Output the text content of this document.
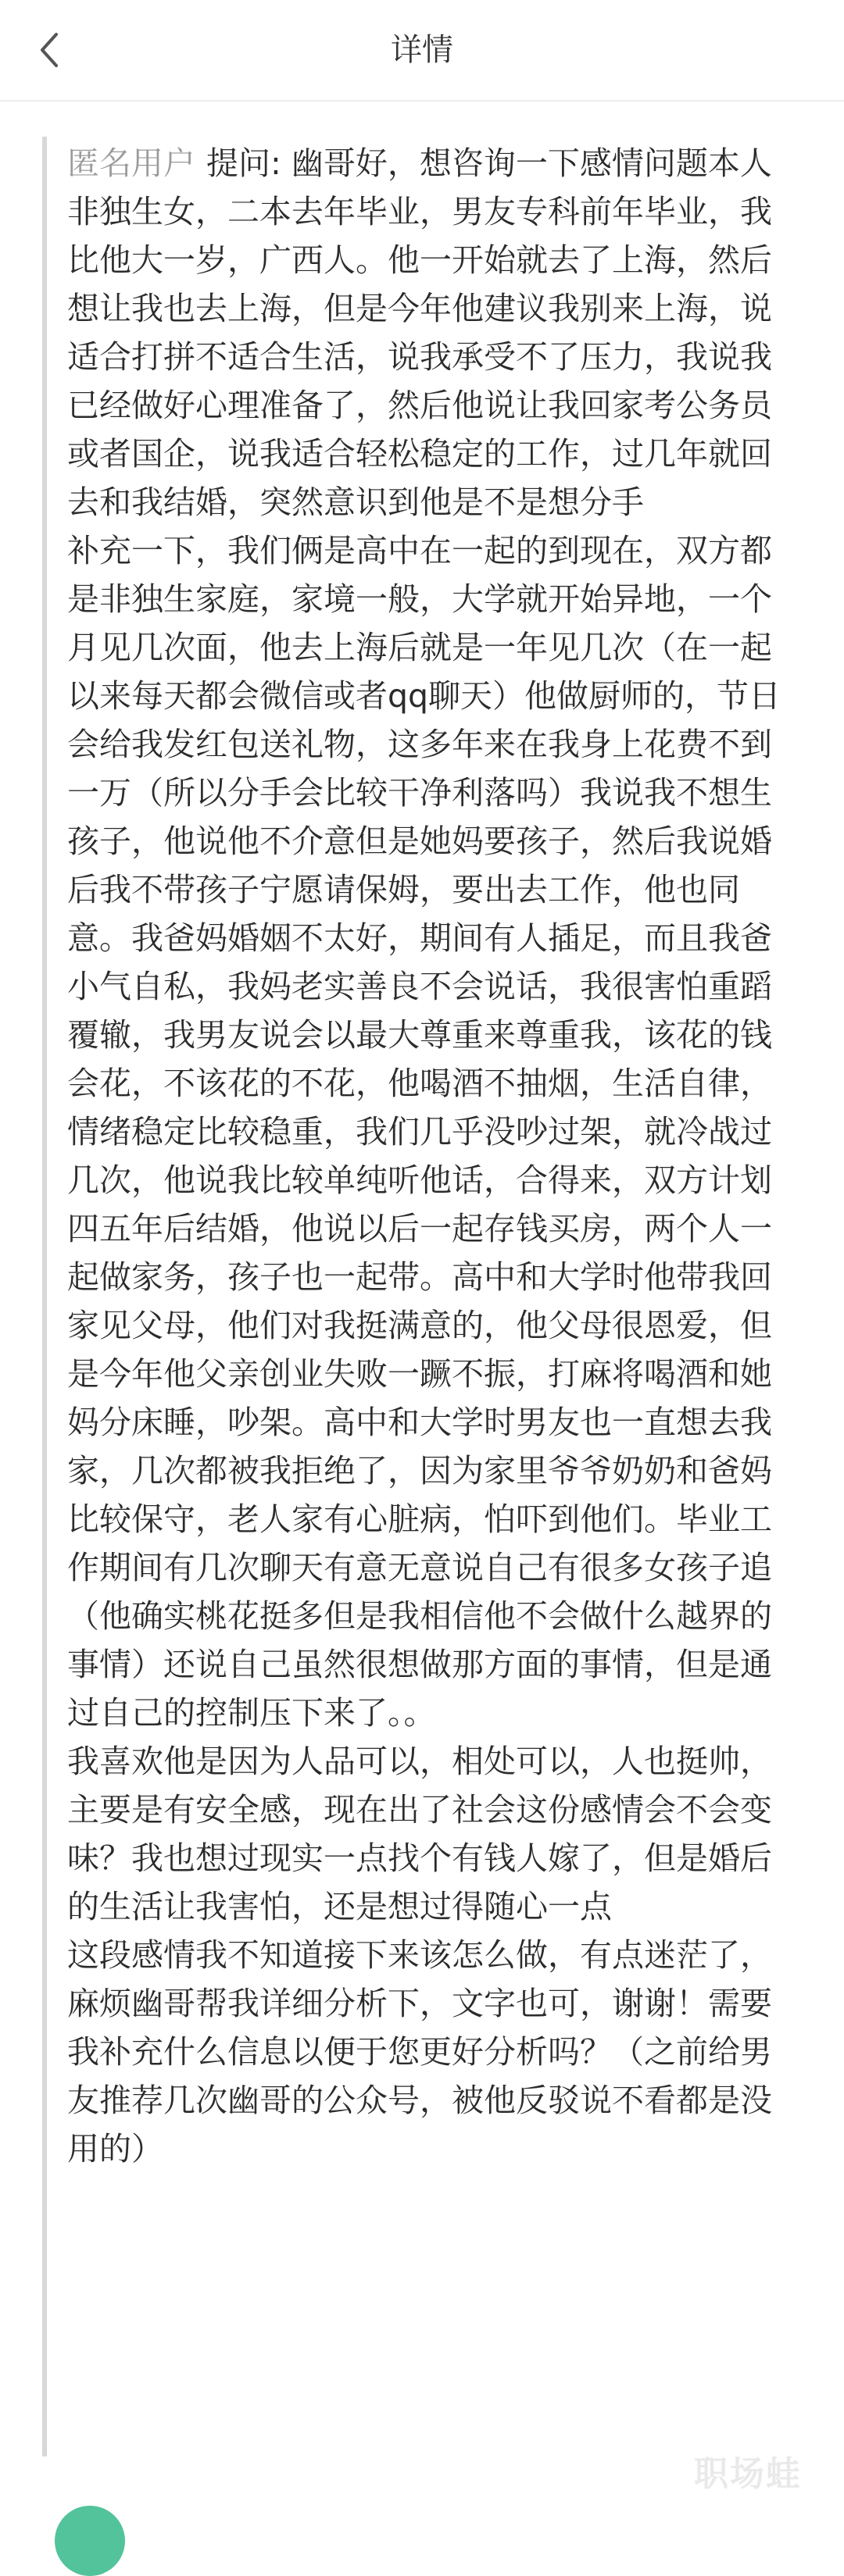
详情

匿名用户 提问: 幽哥好，想咨询一下感情问题本人非独生女，二本去年毕业，男友专科前年毕业，我比他大一岁，广西人。他一开始就去了上海，然后想让我也去上海，但是今年他建议我别来上海，说适合打拼不适合生活，说我承受不了压力，我说我已经做好心理准备了，然后他说让我回家考公务员或者国企，说我适合轻松稳定的工作，过几年就回去和我结婚，突然意识到他是不是想分手

补充一下，我们俩是高中在一起的到现在，双方都是非独生家庭，家境一般，大学就开始异地，一个月见几次面，他去上海后就是一年见几次（在一起以来每天都会微信或者qq聊天）他做厨师的，节日会给我发红包送礼物，这多年来在我身上花费不到一万（所以分手会比较干净利落吗）我说我不想生孩子，他说他不介意但是她妈要孩子，然后我说婚后我不带孩子宁愿请保姆，要出去工作，他也同意。我爸妈婚姻不太好，期间有人插足，而且我爸小气自私，我妈老实善良不会说话，我很害怕重蹈覆辙，我男友说会以最大尊重来尊重我，该花的钱会花，不该花的不花，他喝酒不抽烟，生活自律，情绪稳定比较稳重，我们几乎没吵过架，就冷战过几次，他说我比较单纯听他话，合得来，双方计划四五年后结婚，他说以后一起存钱买房，两个人一起做家务，孩子也一起带。高中和大学时他带我回家见父母，他们对我挺满意的，他父母很恩爱，但是今年他父亲创业失败一蹶不振，打麻将喝酒和她妈分床睡，吵架。高中和大学时男友也一直想去我家，几次都被我拒绝了，因为家里爷爷奶奶和爸妈比较保守，老人家有心脏病，怕吓到他们。毕业工作期间有几次聊天有意无意说自己有很多女孩子追（他确实桃花挺多但是我相信他不会做什么越界的事情）还说自己虽然很想做那方面的事情，但是通过自己的控制压下来了。。

我喜欢他是因为人品可以，相处可以，人也挺帅，主要是有安全感，现在出了社会这份感情会不会变味？我也想过现实一点找个有钱人嫁了，但是婚后的生活让我害怕，还是想过得随心一点

这段感情我不知道接下来该怎么做，有点迷茫了，麻烦幽哥帮我详细分析下，文字也可，谢谢！需要我补充什么信息以便于您更好分析吗？（之前给男友推荐几次幽哥的公众号，被他反驳说不看都是没用的）

职场蛙
